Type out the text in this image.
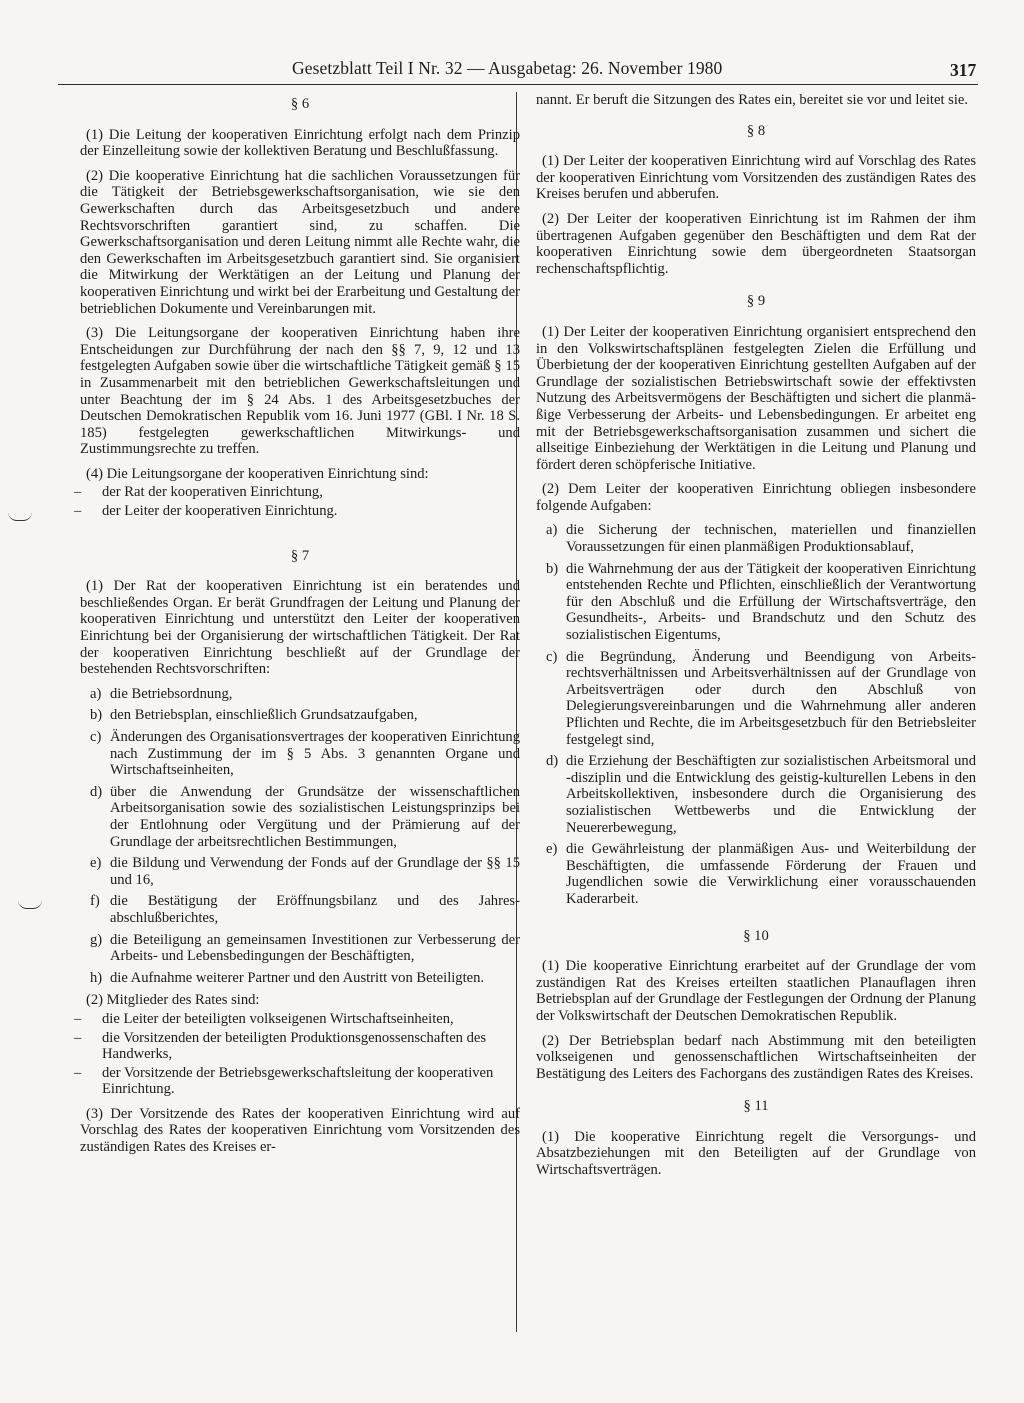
Gesetzblatt Teil I Nr. 32 — Ausgabetag: 26. November 1980	317
§ 6

(1) Die Leitung der kooperativen Einrichtung erfolgt nach dem Prinzip der Einzelleitung sowie der kollektiven Beratung und Beschlußfassung.

(2) Die kooperative Einrichtung hat die sachlichen Voraussetzungen für die Tätigkeit der Betriebsgewerkschaftsorganisation, wie sie den Gewerkschaften durch das Arbeitsgesetzbuch und andere Rechtsvorschriften garantiert sind, zu schaffen. Die Gewerkschaftsorganisation und deren Leitung nimmt alle Rechte wahr, die den Gewerkschaften im Arbeitsgesetzbuch garantiert sind. Sie organisiert die Mitwirkung der Werktätigen an der Leitung und Planung der kooperativen Einrichtung und wirkt bei der Erarbeitung und Gestaltung der betrieblichen Dokumente und Vereinbarungen mit.

(3) Die Leitungsorgane der kooperativen Einrichtung haben ihre Entscheidungen zur Durchführung der nach den §§ 7, 9, 12 und 13 festgelegten Aufgaben sowie über die wirtschaftliche Tätigkeit gemäß § 15 in Zusammenarbeit mit den betrieblichen Gewerkschaftsleitungen und unter Beachtung der im § 24 Abs. 1 des Arbeitsgesetzbuches der Deutschen Demokratischen Republik vom 16. Juni 1977 (GBl. I Nr. 18 S. 185) festgelegten gewerkschaftlichen Mitwirkungs- und Zustimmungsrechte zu treffen.

(4) Die Leitungsorgane der kooperativen Einrichtung sind:

– der Rat der kooperativen Einrichtung,
– der Leiter der kooperativen Einrichtung.
§ 7

(1) Der Rat der kooperativen Einrichtung ist ein beratendes und beschließendes Organ. Er berät Grundfragen der Leitung und Planung der kooperativen Einrichtung und unterstützt den Leiter der kooperativen Einrichtung bei der Organisierung der wirtschaftlichen Tätigkeit. Der Rat der kooperativen Einrichtung beschließt auf der Grundlage der bestehenden Rechtsvorschriften:

a) die Betriebsordnung,
b) den Betriebsplan, einschließlich Grundsatzaufgaben,
c) Änderungen des Organisationsvertrages der kooperativen Einrichtung nach Zustimmung der im § 5 Abs. 3 genannten Organe und Wirtschaftseinheiten,
d) über die Anwendung der Grundsätze der wissenschaftlichen Arbeitsorganisation sowie des sozialistischen Leistungsprinzips bei der Entlohnung oder Vergütung und der Prämierung auf der Grundlage der arbeitsrechtlichen Bestimmungen,
e) die Bildung und Verwendung der Fonds auf der Grundlage der §§ 15 und 16,
f) die Bestätigung der Eröffnungsbilanz und des Jahresabschlußberichtes,
g) die Beteiligung an gemeinsamen Investitionen zur Verbesserung der Arbeits- und Lebensbedingungen der Beschäftigten,
h) die Aufnahme weiterer Partner und den Austritt von Beteiligten.

(2) Mitglieder des Rates sind:

– die Leiter der beteiligten volkseigenen Wirtschaftseinheiten,
– die Vorsitzenden der beteiligten Produktionsgenossenschaften des Handwerks,
– der Vorsitzende der Betriebsgewerkschaftsleitung der kooperativen Einrichtung.

(3) Der Vorsitzende des Rates der kooperativen Einrichtung wird auf Vorschlag des Rates der kooperativen Einrichtung vom Vorsitzenden des zuständigen Rates des Kreises er-

nannt. Er beruft die Sitzungen des Rates ein, bereitet sie vor und leitet sie.

§ 8

(1) Der Leiter der kooperativen Einrichtung wird auf Vorschlag des Rates der kooperativen Einrichtung vom Vorsitzenden des zuständigen Rates des Kreises berufen und abberufen.

(2) Der Leiter der kooperativen Einrichtung ist im Rahmen der ihm übertragenen Aufgaben gegenüber den Beschäftigten und dem Rat der kooperativen Einrichtung sowie dem übergeordneten Staatsorgan rechenschaftspflichtig.

§ 9

(1) Der Leiter der kooperativen Einrichtung organisiert entsprechend den in den Volkswirtschaftsplänen festgelegten Zielen die Erfüllung und Überbietung der der kooperativen Einrichtung gestellten Aufgaben auf der Grundlage der sozialistischen Betriebswirtschaft sowie der effektivsten Nutzung des Arbeitsvermögens der Beschäftigten und sichert die planmäßige Verbesserung der Arbeits- und Lebensbedingungen. Er arbeitet eng mit der Betriebsgewerkschaftsorganisation zusammen und sichert die allseitige Einbeziehung der Werktätigen in die Leitung und Planung und fördert deren schöpferische Initiative.

(2) Dem Leiter der kooperativen Einrichtung obliegen insbesondere folgende Aufgaben:

a) die Sicherung der technischen, materiellen und finanziellen Voraussetzungen für einen planmäßigen Produktionsablauf,
b) die Wahrnehmung der aus der Tätigkeit der kooperativen Einrichtung entstehenden Rechte und Pflichten, einschließlich der Verantwortung für den Abschluß und die Erfüllung der Wirtschaftsverträge, den Gesundheits-, Arbeits- und Brandschutz und den Schutz des sozialistischen Eigentums,
c) die Begründung, Änderung und Beendigung von Arbeitsrechtsverhältnissen und Arbeitsverhältnissen auf der Grundlage von Arbeitsverträgen oder durch den Abschluß von Delegierungsvereinbarungen und die Wahrnehmung aller anderen Pflichten und Rechte, die im Arbeitsgesetzbuch für den Betriebsleiter festgelegt sind,
d) die Erziehung der Beschäftigten zur sozialistischen Arbeitsmoral und -disziplin und die Entwicklung des geistig-kulturellen Lebens in den Arbeitskollektiven, insbesondere durch die Organisierung des sozialistischen Wettbewerbs und die Entwicklung der Neuererbewegung,
e) die Gewährleistung der planmäßigen Aus- und Weiterbildung der Beschäftigten, die umfassende Förderung der Frauen und Jugendlichen sowie die Verwirklichung einer vorausschauenden Kaderarbeit.
§ 10

(1) Die kooperative Einrichtung erarbeitet auf der Grundlage der vom zuständigen Rat des Kreises erteilten staatlichen Planauflagen ihren Betriebsplan auf der Grundlage der Festlegungen der Ordnung der Planung der Volkswirtschaft der Deutschen Demokratischen Republik.

(2) Der Betriebsplan bedarf nach Abstimmung mit den beteiligten volkseigenen und genossenschaftlichen Wirtschaftseinheiten der Bestätigung des Leiters des Fachorgans des zuständigen Rates des Kreises.

§ 11

(1) Die kooperative Einrichtung regelt die Versorgungs- und Absatzbeziehungen mit den Beteiligten auf der Grundlage von Wirtschaftsverträgen.
